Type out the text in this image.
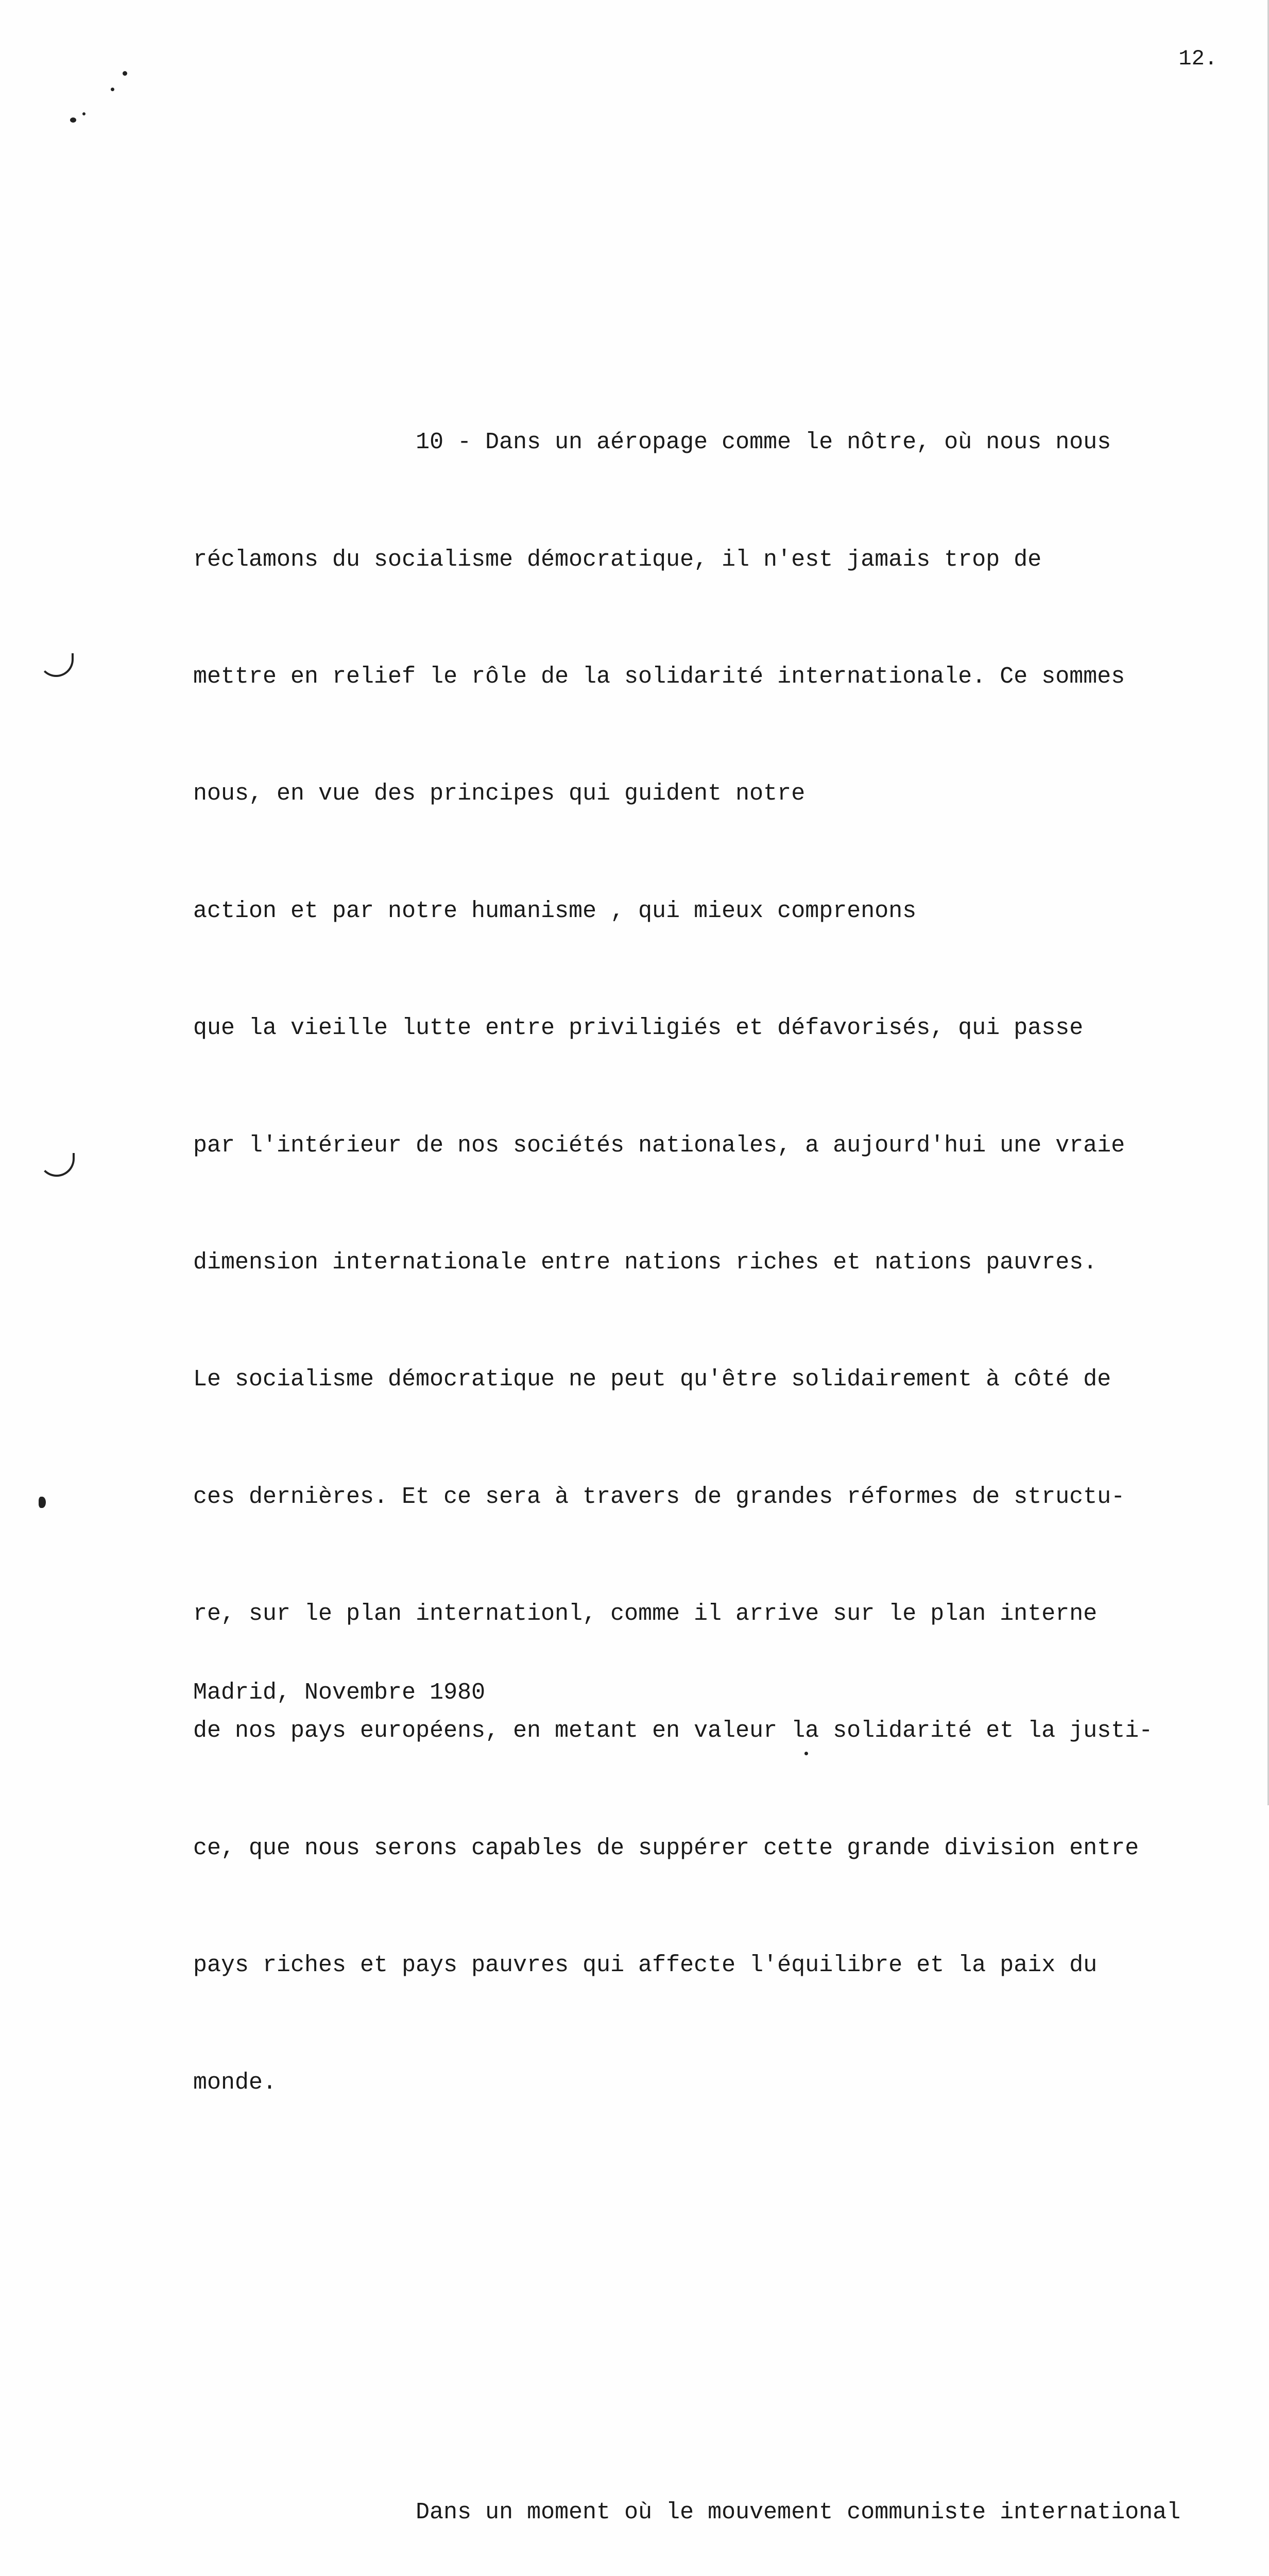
12.

10 - Dans un aéropage comme le nôtre, où nous nous

réclamons du socialisme démocratique, il n'est jamais trop de

mettre en relief le rôle de la solidarité internationale. Ce sommes

nous, en vue des principes qui guident notre

action et par notre humanisme , qui mieux comprenons

que la vieille lutte entre priviligiés et défavorisés, qui passe

par l'intérieur de nos sociétés nationales, a aujourd'hui une vraie

dimension internationale entre nations riches et nations pauvres.

Le socialisme démocratique ne peut qu'être solidairement à côté de

ces dernières. Et ce sera à travers de grandes réformes de structu-

re, sur le plan internationl, comme il arrive sur le plan interne

de nos pays européens, en metant en valeur la solidarité et la justi-

ce, que nous serons capables de suppérer cette grande division entre

pays riches et pays pauvres qui affecte l'équilibre et la paix du

monde.

Dans un moment où le mouvement communiste international

Madrid, Novembre 1980
